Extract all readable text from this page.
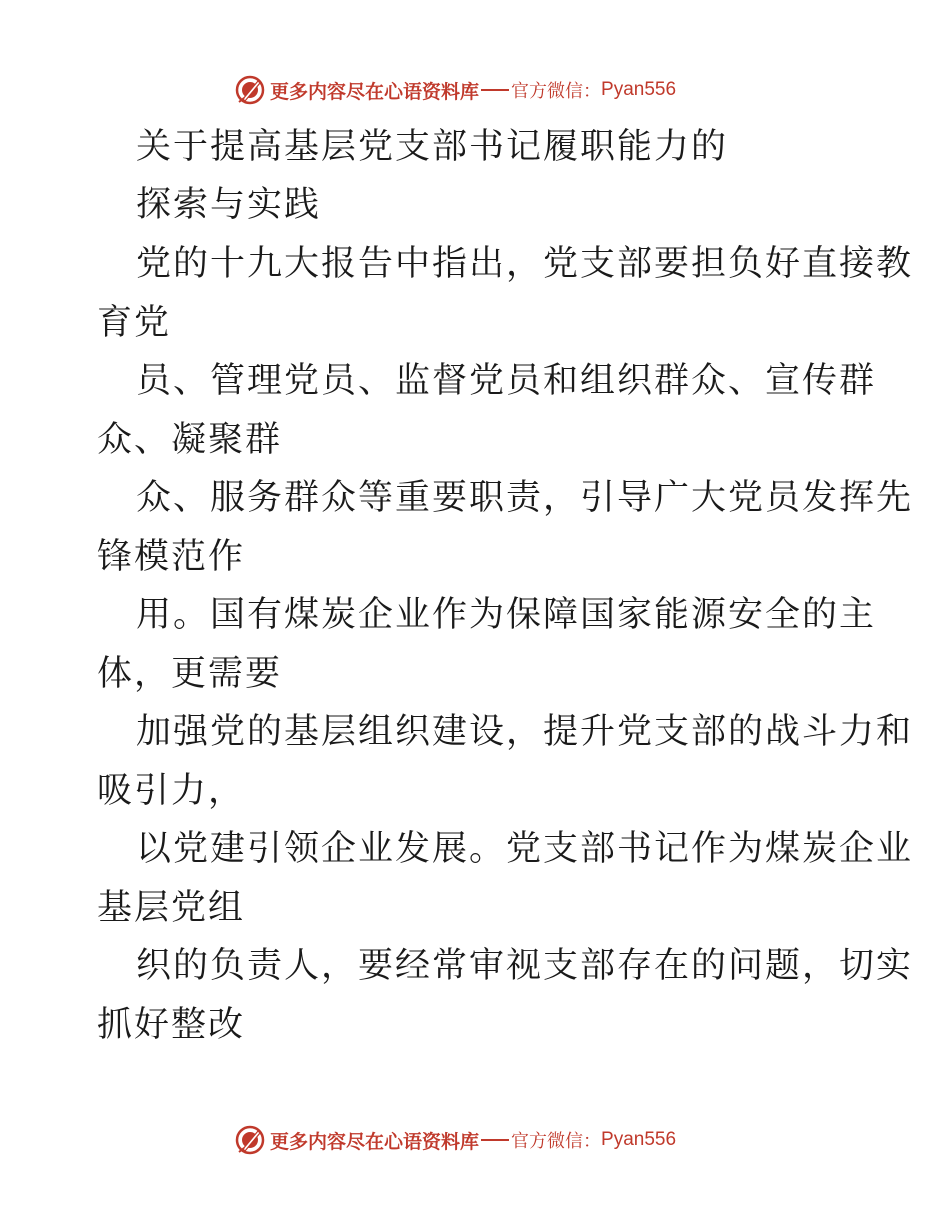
更多内容尽在心语资料库 官方微信： Pyan556
关于提高基层党支部书记履职能力的
探索与实践
党的十九大报告中指出，党支部要担负好直接教
育党
员、管理党员、监督党员和组织群众、宣传群
众、凝聚群
众、服务群众等重要职责，引导广大党员发挥先
锋模范作
用。国有煤炭企业作为保障国家能源安全的主
体，更需要
加强党的基层组织建设，提升党支部的战斗力和
吸引力，
以党建引领企业发展。党支部书记作为煤炭企业
基层党组
织的负责人，要经常审视支部存在的问题，切实
抓好整改
更多内容尽在心语资料库 官方微信： Pyan556
